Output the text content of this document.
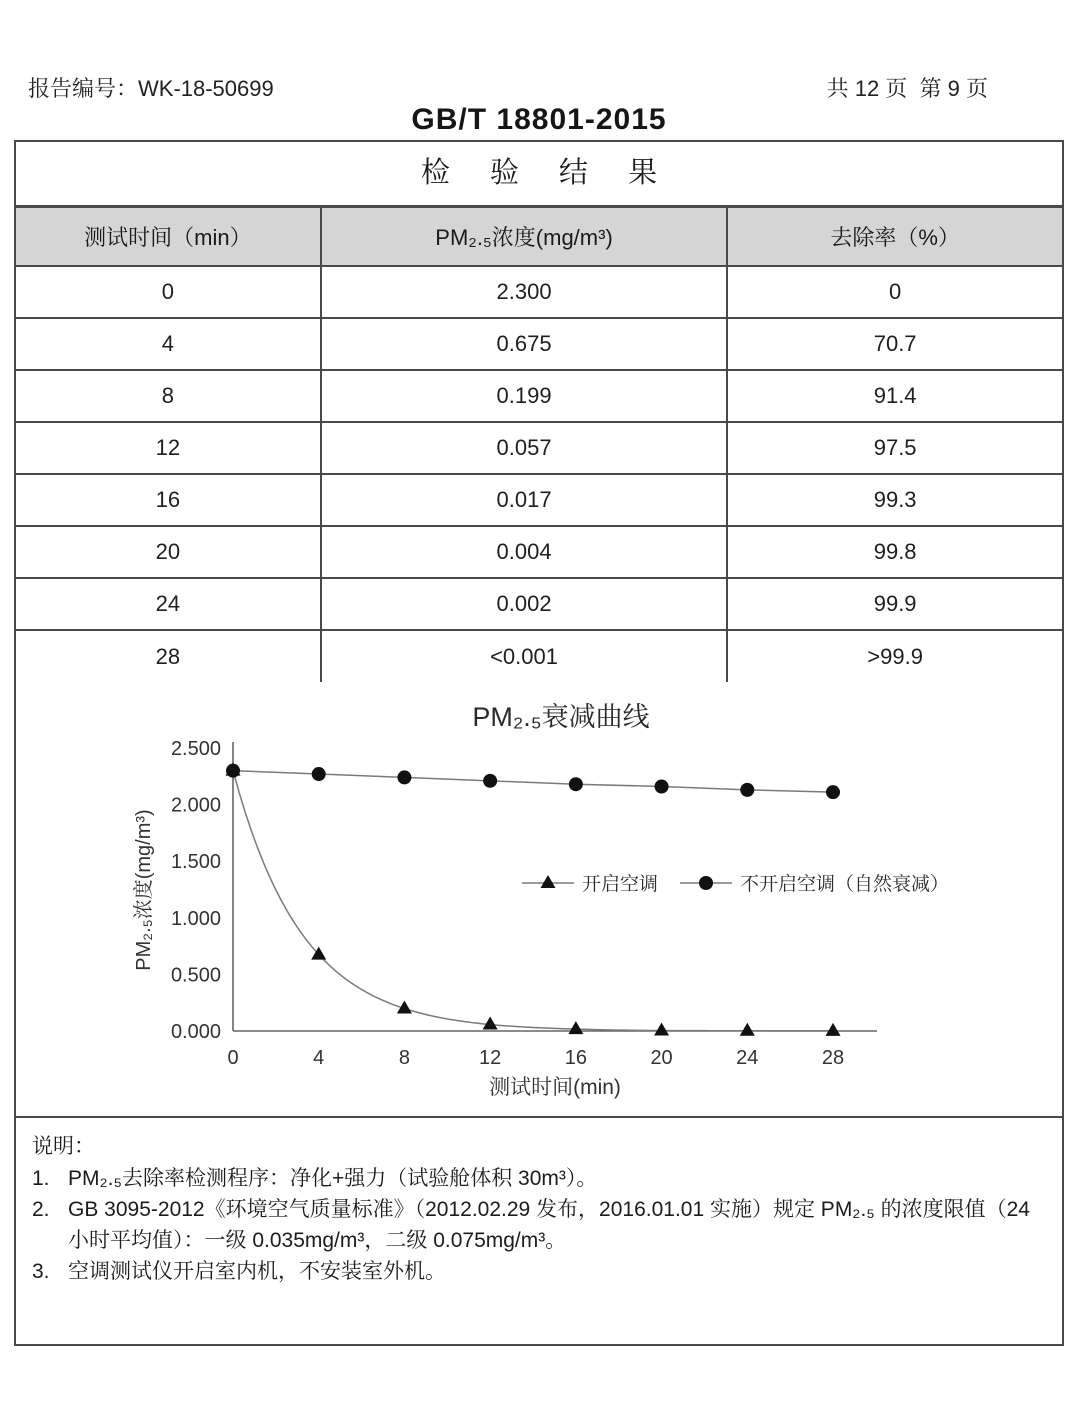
报告编号：WK-18-50699	共 12 页  第 9 页
GB/T 18801-2015
检 验 结 果
测试时间（min）	PM₂.₅浓度(mg/m³)	去除率（%）
0	2.300	0
4	0.675	70.7
8	0.199	91.4
12	0.057	97.5
16	0.017	99.3
20	0.004	99.8
24	0.002	99.9
28	<0.001	>99.9
PM₂.₅衰减曲线
2.500
2.000
1.500
1.000
0.500
0.000
0	4	8	12	16	20	24	28
PM₂.₅浓度(mg/m³)
测试时间(min)
开启空调	不开启空调（自然衰减）
说明：
1. PM₂.₅去除率检测程序：净化+强力（试验舱体积 30m³）。
2. GB 3095-2012《环境空气质量标准》（2012.02.29 发布，2016.01.01 实施）规定 PM₂.₅ 的浓度限值（24 小时平均值）：一级 0.035mg/m³，二级 0.075mg/m³。
3. 空调测试仪开启室内机，不安装室外机。
